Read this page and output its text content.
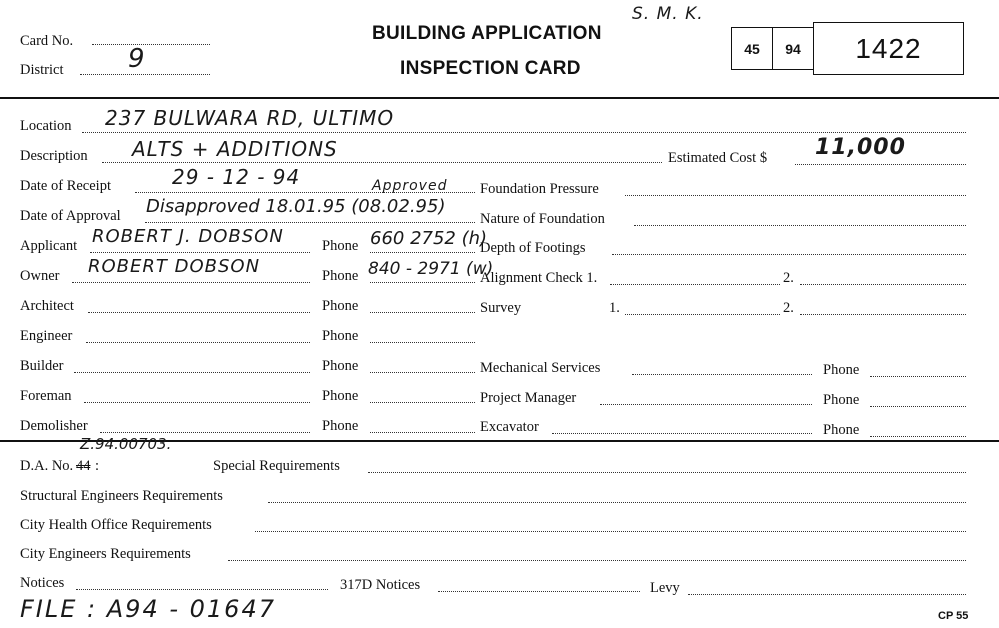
Card No.
District 9
BUILDING APPLICATION
INSPECTION CARD
S. M. K.
45	94	1422
Location 237 BULWARA RD, ULTIMO
Description ALTS + ADDITIONS	Estimated Cost $ 11,000
Date of Receipt	29 - 12 - 94
Date of Approval Disapproved 18.01.95 (08.02.95)
Approved
Applicant ROBERT J. DOBSON	Phone 660 2752 (h)
Owner ROBERT DOBSON	Phone 840 - 2971 (w)
Architect	Phone
Engineer	Phone
Builder	Phone
Foreman	Phone
Demolisher	Phone
Foundation Pressure
Nature of Foundation
Depth of Footings
Alignment Check 1.	2.
Survey	1.	2.
Mechanical Services	Phone
Project Manager	Phone
Excavator	Phone
Z.94.00703.
D.A. No. 44 :	Special Requirements
Structural Engineers Requirements
City Health Office Requirements
City Engineers Requirements
Notices	317D Notices	Levy
FILE : A94 - 01647	CP 55
